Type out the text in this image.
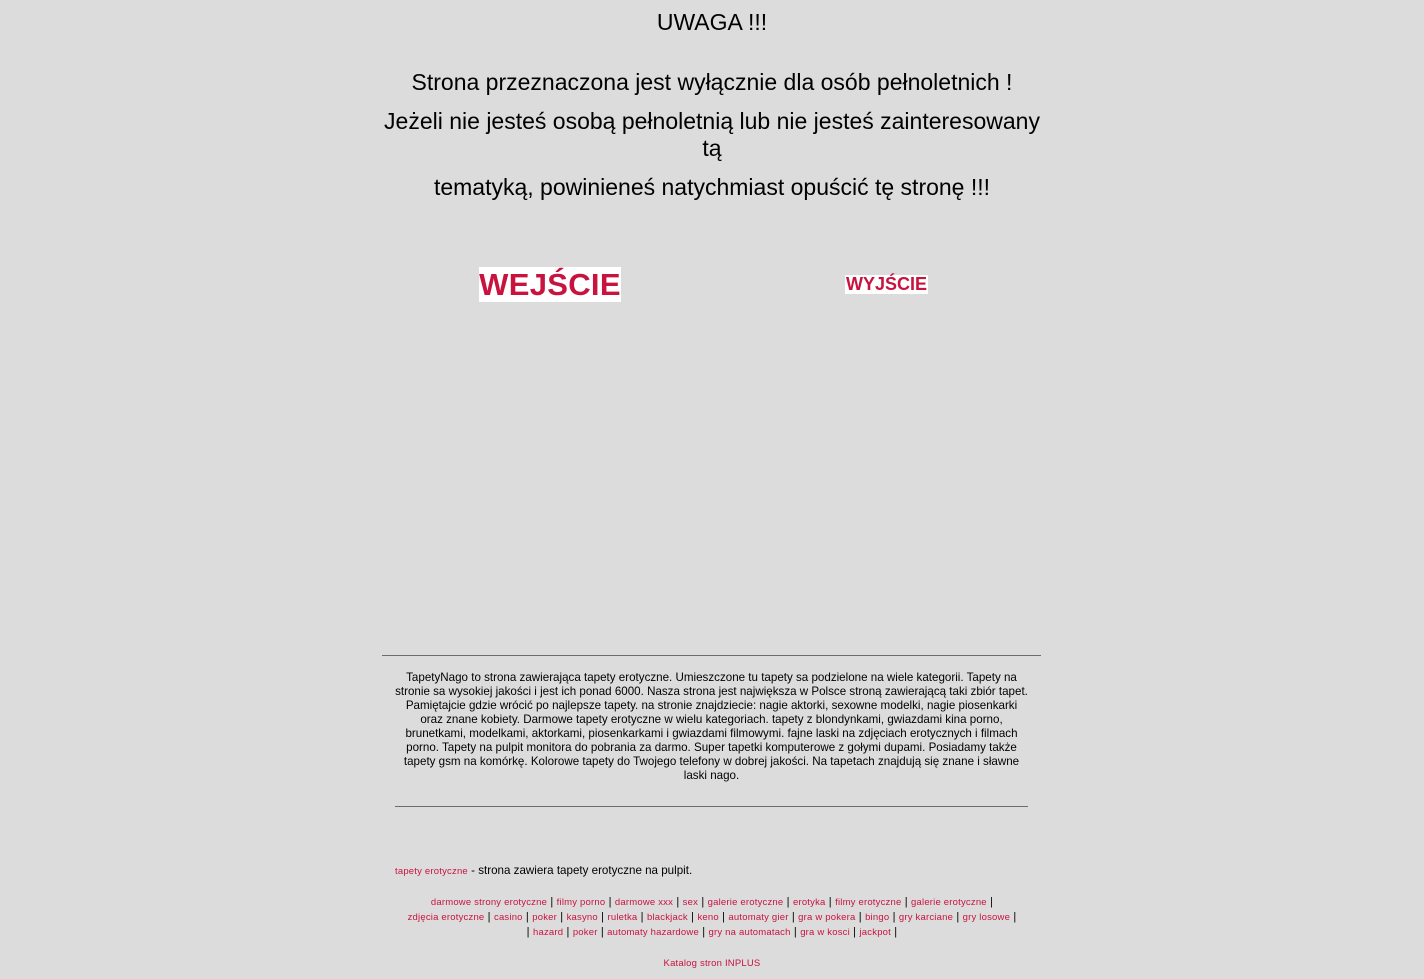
UWAGA !!!
Strona przeznaczona jest wyłącznie dla osób pełnoletnich !
Jeżeli nie jesteś osobą pełnoletnią lub nie jesteś zainteresowany tą
tematyką, powinieneś natychmiast opuścić tę stronę !!!
WEJŚCIE	WYJŚCIE
TapetyNago to strona zawierająca tapety erotyczne. Umieszczone tu tapety sa podzielone na wiele kategorii. Tapety na stronie sa wysokiej jakości i jest ich ponad 6000. Nasza strona jest największa w Polsce stroną zawierającą taki zbiór tapet. Pamiętajcie gdzie wrócić po najlepsze tapety. na stronie znajdziecie: nagie aktorki, sexowne modelki, nagie piosenkarki oraz znane kobiety. Darmowe tapety erotyczne w wielu kategoriach. tapety z blondynkami, gwiazdami kina porno, brunetkami, modelkami, aktorkami, piosenkarkami i gwiazdami filmowymi. fajne laski na zdjęciach erotycznych i filmach porno. Tapety na pulpit monitora do pobrania za darmo. Super tapetki komputerowe z gołymi dupami. Posiadamy także tapety gsm na komórkę. Kolorowe tapety do Twojego telefony w dobrej jakości. Na tapetach znajdują się znane i sławne laski nago.
tapety erotyczne - strona zawiera tapety erotyczne na pulpit.
darmowe strony erotyczne | filmy porno | darmowe xxx | sex | galerie erotyczne | erotyka | filmy erotyczne | galerie erotyczne |
zdjęcia erotyczne | casino | poker | kasyno | ruletka | blackjack | keno | automaty gier | gra w pokera | bingo | gry karciane | gry losowe |
| hazard | poker | automaty hazardowe | gry na automatach | gra w kosci | jackpot |
Katalog stron INPLUS
